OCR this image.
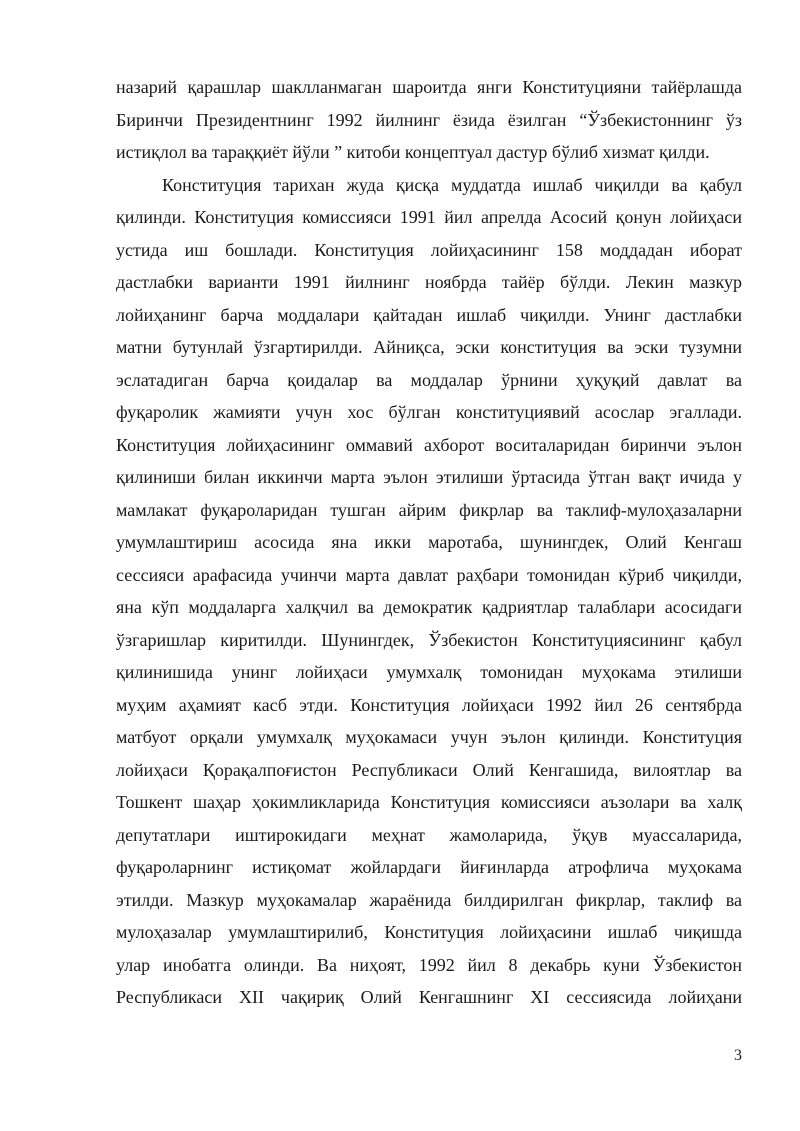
назарий қарашлар шаклланмаган шароитда янги Конституцияни тайёрлашда
Биринчи Президентнинг 1992 йилнинг ёзида ёзилган “Ўзбекистоннинг ўз
истиқлол ва тараққиёт йўли ” китоби концептуал дастур бўлиб хизмат қилди.
Конституция тарихан жуда қисқа муддатда ишлаб чиқилди ва қабул
қилинди. Конституция комиссияси 1991 йил апрелда Асосий қонун лойиҳаси
устида иш бошлади. Конституция лойиҳасининг 158 моддадан иборат
дастлабки варианти 1991 йилнинг ноябрда тайёр бўлди. Лекин мазкур
лойиҳанинг барча моддалари қайтадан ишлаб чиқилди. Унинг дастлабки
матни бутунлай ўзгартирилди. Айниқса, эски конституция ва эски тузумни
эслатадиган барча қоидалар ва моддалар ўрнини ҳуқуқий давлат ва
фуқаролик жамияти учун хос бўлган конституциявий асослар эгаллади.
Конституция лойиҳасининг оммавий ахборот воситаларидан биринчи эълон
қилиниши билан иккинчи марта эълон этилиши ўртасида ўтган вақт ичида у
мамлакат фуқароларидан тушган айрим фикрлар ва таклиф-мулоҳазаларни
умумлаштириш асосида яна икки маротаба, шунингдек, Олий Кенгаш
сессияси арафасида учинчи марта давлат раҳбари томонидан кўриб чиқилди,
яна кўп моддаларга халқчил ва демократик қадриятлар талаблари асосидаги
ўзгаришлар киритилди. Шунингдек, Ўзбекистон Конституциясининг қабул
қилинишида унинг лойиҳаси умумхалқ томонидан муҳокама этилиши
муҳим аҳамият касб этди. Конституция лойиҳаси 1992 йил 26 сентябрда
матбуот орқали умумхалқ муҳокамаси учун эълон қилинди. Конституция
лойиҳаси Қорақалпоғистон Республикаси Олий Кенгашида, вилоятлар ва
Тошкент шаҳар ҳокимликларида Конституция комиссияси аъзолари ва халқ
депутатлари иштирокидаги меҳнат жамоларида, ўқув муассаларида,
фуқароларнинг истиқомат жойлардаги йиғинларда атрофлича муҳокама
этилди. Мазкур муҳокамалар жараёнида билдирилган фикрлар, таклиф ва
мулоҳазалар умумлаштирилиб, Конституция лойиҳасини ишлаб чиқишда
улар инобатга олинди. Ва ниҳоят, 1992 йил 8 декабрь куни Ўзбекистон
Республикаси XII чақириқ Олий Кенгашнинг XI сессиясида лойиҳани
3
